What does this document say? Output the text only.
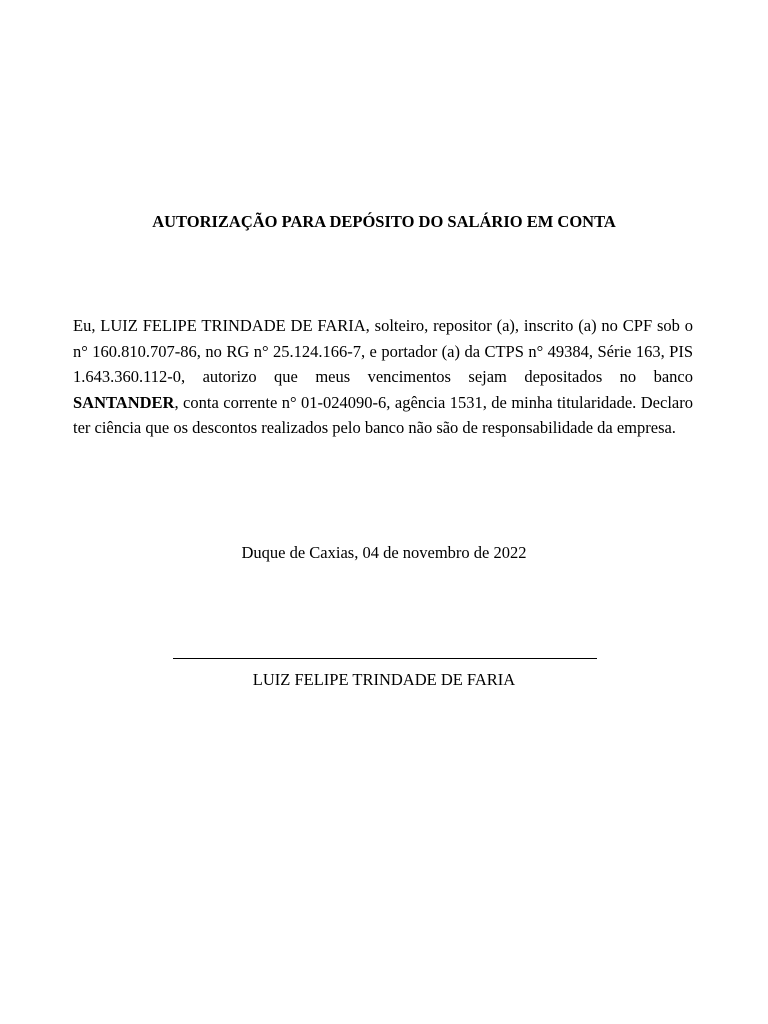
AUTORIZAÇÃO PARA DEPÓSITO DO SALÁRIO EM CONTA

Eu, LUIZ FELIPE TRINDADE DE FARIA, solteiro, repositor (a), inscrito (a) no CPF sob o n° 160.810.707-86, no RG n° 25.124.166-7, e portador (a) da CTPS n° 49384, Série 163, PIS 1.643.360.112-0, autorizo que meus vencimentos sejam depositados no banco SANTANDER, conta corrente n° 01-024090-6, agência 1531, de minha titularidade. Declaro ter ciência que os descontos realizados pelo banco não são de responsabilidade da empresa.

Duque de Caxias, 04 de novembro de 2022

LUIZ FELIPE TRINDADE DE FARIA
